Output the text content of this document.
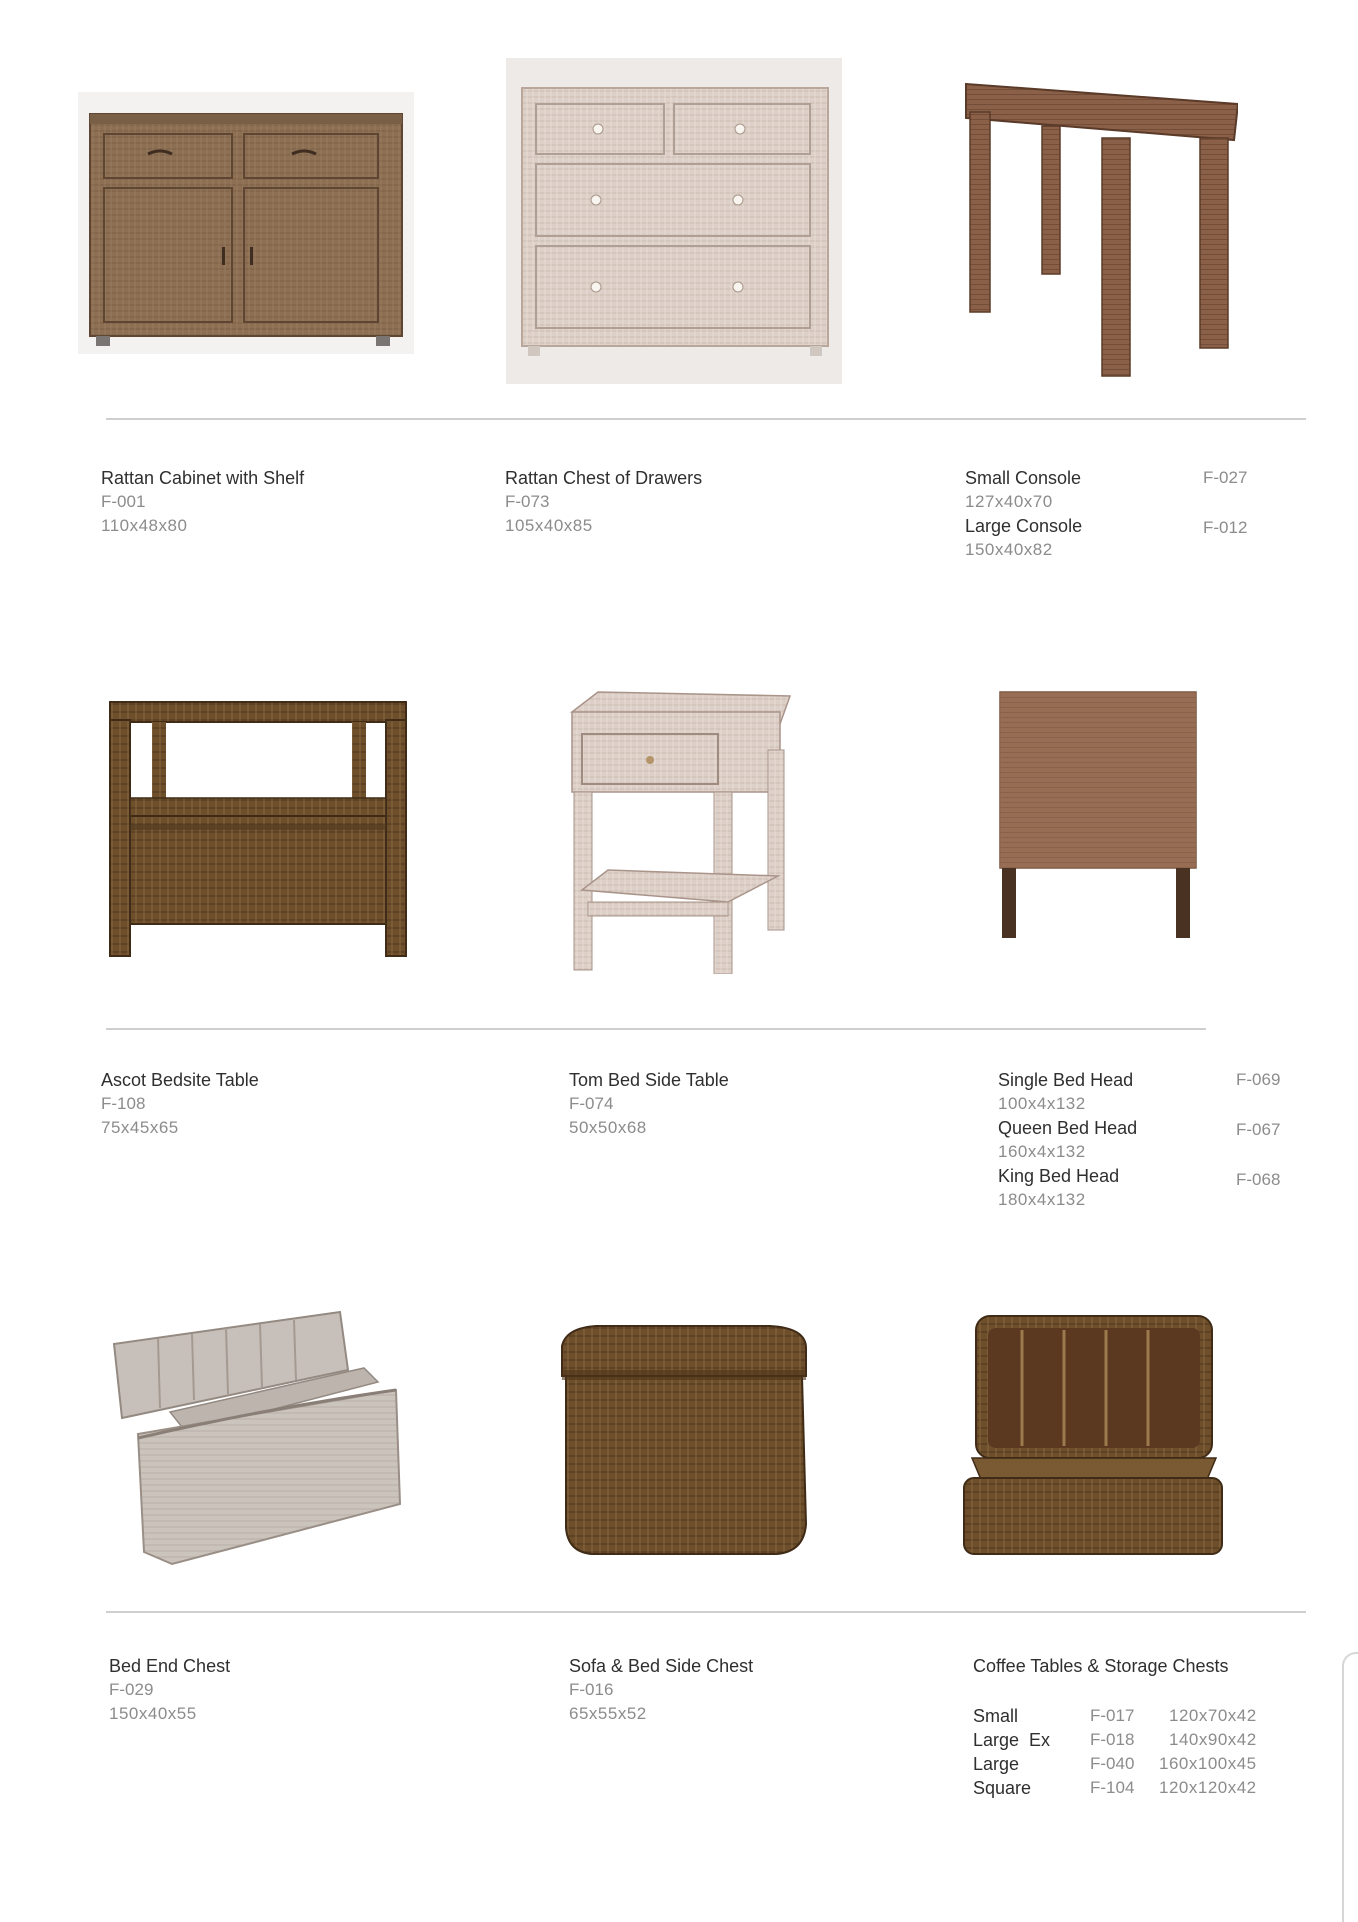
Rattan Cabinet with Shelf
F-001
110x48x80
Rattan Chest of Drawers
F-073
105x40x85
Small Console	F-027
127x40x70
Large Console	F-012
150x40x82
Ascot Bedsite Table
F-108
75x45x65
Tom Bed Side Table
F-074
50x50x68
Single Bed Head	F-069
100x4x132
Queen Bed Head	F-067
160x4x132
King Bed Head	F-068
180x4x132
Bed End Chest
F-029
150x40x55
Sofa & Bed Side Chest
F-016
65x55x52
Coffee Tables & Storage Chests
Small	F-017 120x70x42
Large  Ex F-018 140x90x42
Large	F-040 160x100x45
Square	F-104 120x120x42
